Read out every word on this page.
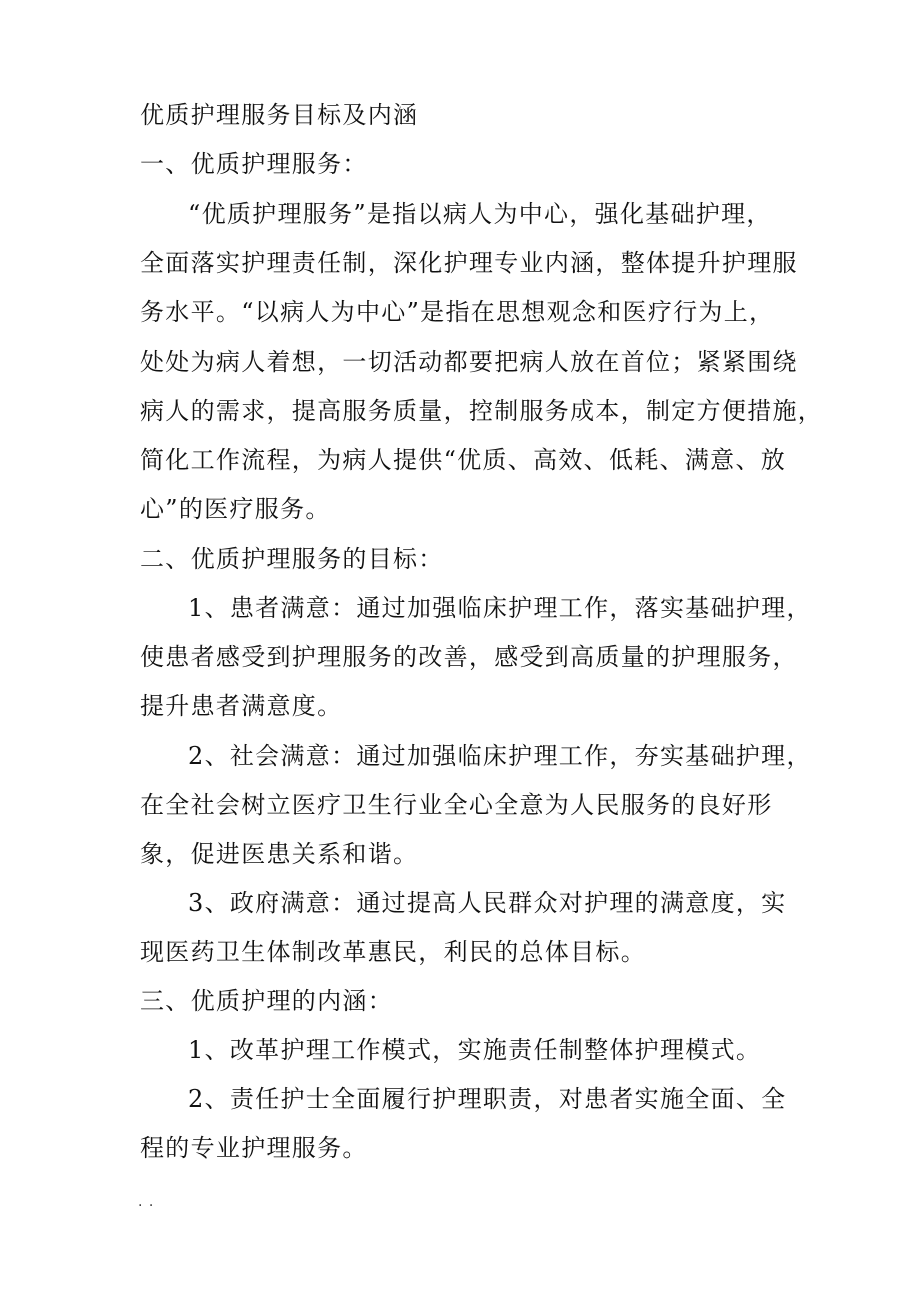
优质护理服务目标及内涵
一、优质护理服务：
“优质护理服务”是指以病人为中心，强化基础护理，
全面落实护理责任制，深化护理专业内涵，整体提升护理服
务水平。“以病人为中心”是指在思想观念和医疗行为上，
处处为病人着想，一切活动都要把病人放在首位；紧紧围绕
病人的需求，提高服务质量，控制服务成本，制定方便措施，
简化工作流程，为病人提供“优质、高效、低耗、满意、放
心”的医疗服务。
二、优质护理服务的目标：
1、患者满意：通过加强临床护理工作，落实基础护理，
使患者感受到护理服务的改善，感受到高质量的护理服务，
提升患者满意度。
2、社会满意：通过加强临床护理工作，夯实基础护理，
在全社会树立医疗卫生行业全心全意为人民服务的良好形
象，促进医患关系和谐。
3、政府满意：通过提高人民群众对护理的满意度，实
现医药卫生体制改革惠民，利民的总体目标。
三、优质护理的内涵：
1、改革护理工作模式，实施责任制整体护理模式。
2、责任护士全面履行护理职责，对患者实施全面、全
程的专业护理服务。
. .
